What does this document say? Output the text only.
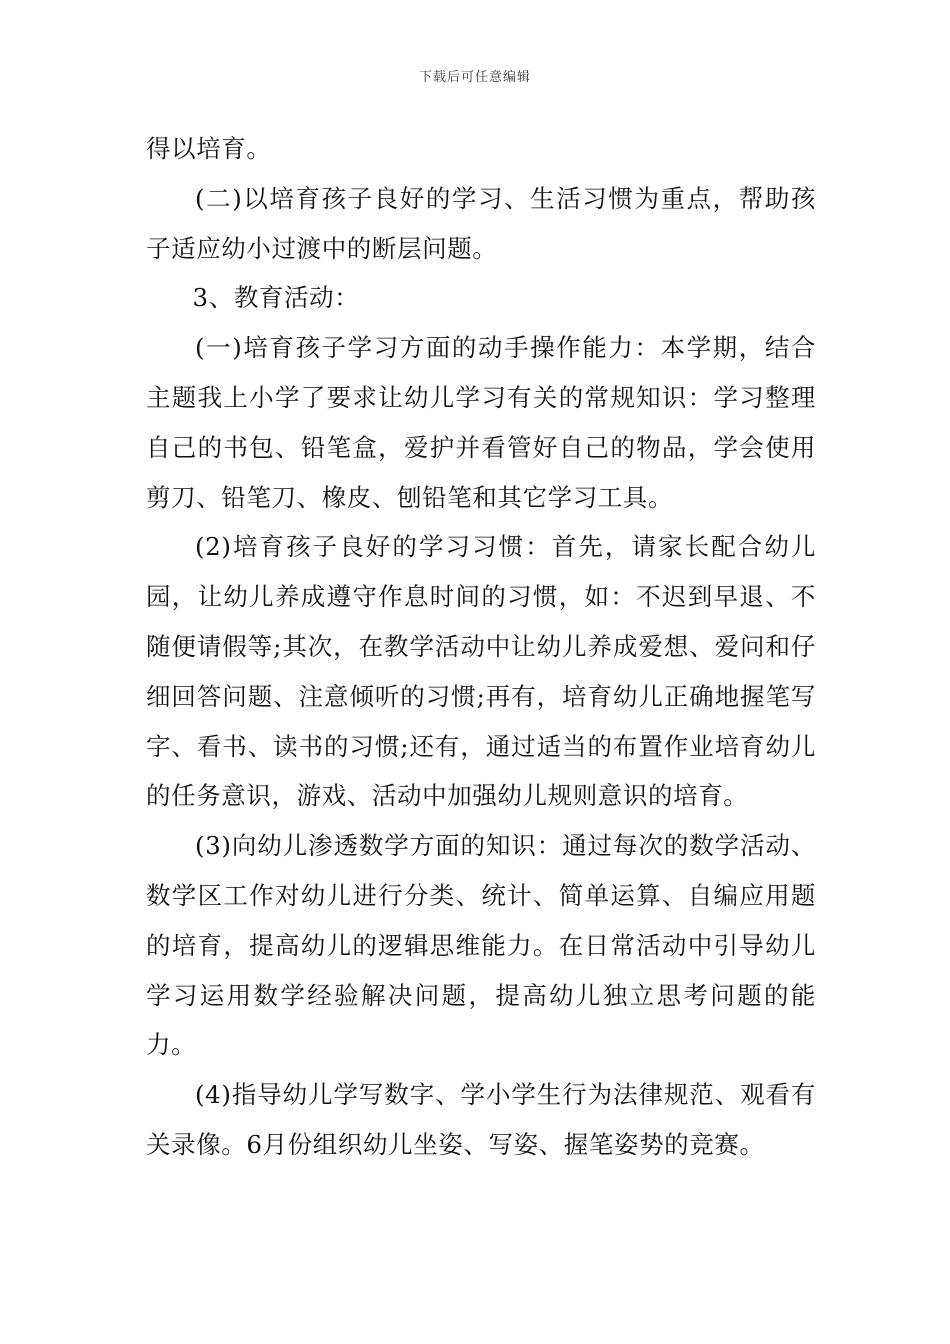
下载后可任意编辑

得以培育。

(二)以培育孩子良好的学习、生活习惯为重点，帮助孩子适应幼小过渡中的断层问题。

3、教育活动：

(一)培育孩子学习方面的动手操作能力：本学期，结合主题我上小学了要求让幼儿学习有关的常规知识：学习整理自己的书包、铅笔盒，爱护并看管好自己的物品，学会使用剪刀、铅笔刀、橡皮、刨铅笔和其它学习工具。

(2)培育孩子良好的学习习惯：首先，请家长配合幼儿园，让幼儿养成遵守作息时间的习惯，如：不迟到早退、不随便请假等;其次，在教学活动中让幼儿养成爱想、爱问和仔细回答问题、注意倾听的习惯;再有，培育幼儿正确地握笔写字、看书、读书的习惯;还有，通过适当的布置作业培育幼儿的任务意识，游戏、活动中加强幼儿规则意识的培育。

(3)向幼儿渗透数学方面的知识：通过每次的数学活动、数学区工作对幼儿进行分类、统计、简单运算、自编应用题的培育，提高幼儿的逻辑思维能力。在日常活动中引导幼儿学习运用数学经验解决问题，提高幼儿独立思考问题的能力。

(4)指导幼儿学写数字、学小学生行为法律规范、观看有关录像。6月份组织幼儿坐姿、写姿、握笔姿势的竞赛。
